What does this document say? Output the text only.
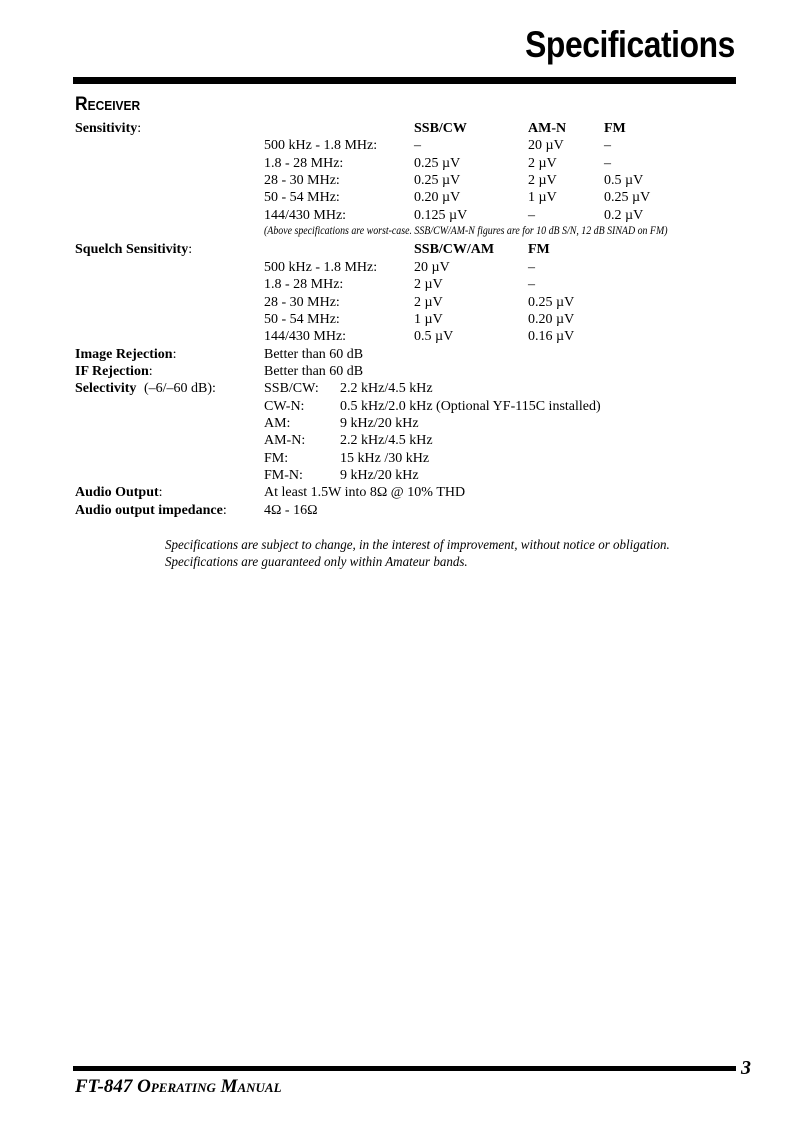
Specifications
Receiver
Sensitivity:	SSB/CW	AM-N	FM
500 kHz - 1.8 MHz:	–	20 µV	–
1.8 - 28 MHz:	0.25 µV	2 µV	–
28 - 30 MHz:	0.25 µV	2 µV	0.5 µV
50 - 54 MHz:	0.20 µV	1 µV	0.25 µV
144/430 MHz:	0.125 µV	–	0.2 µV
(Above specifications are worst-case. SSB/CW/AM-N figures are for 10 dB S/N, 12 dB SINAD on FM)
Squelch Sensitivity:	SSB/CW/AM FM
500 kHz - 1.8 MHz:	20 µV	–
1.8 - 28 MHz:	2 µV	–
28 - 30 MHz:	2 µV	0.25 µV
50 - 54 MHz:	1 µV	0.20 µV
144/430 MHz:	0.5 µV	0.16 µV
Image Rejection:	Better than 60 dB
IF Rejection:	Better than 60 dB
Selectivity (–6/–60 dB):	SSB/CW: 2.2 kHz/4.5 kHz
CW-N:	0.5 kHz/2.0 kHz (Optional YF-115C installed)
AM:	9 kHz/20 kHz
AM-N: 2.2 kHz/4.5 kHz
FM:	15 kHz /30 kHz
FM-N:	9 kHz/20 kHz
Audio Output:	At least 1.5W into 8Ω @ 10% THD
Audio output impedance:	4Ω - 16Ω
Specifications are subject to change, in the interest of improvement, without notice or obligation.
Specifications are guaranteed only within Amateur bands.
3
FT-847 Operating Manual
